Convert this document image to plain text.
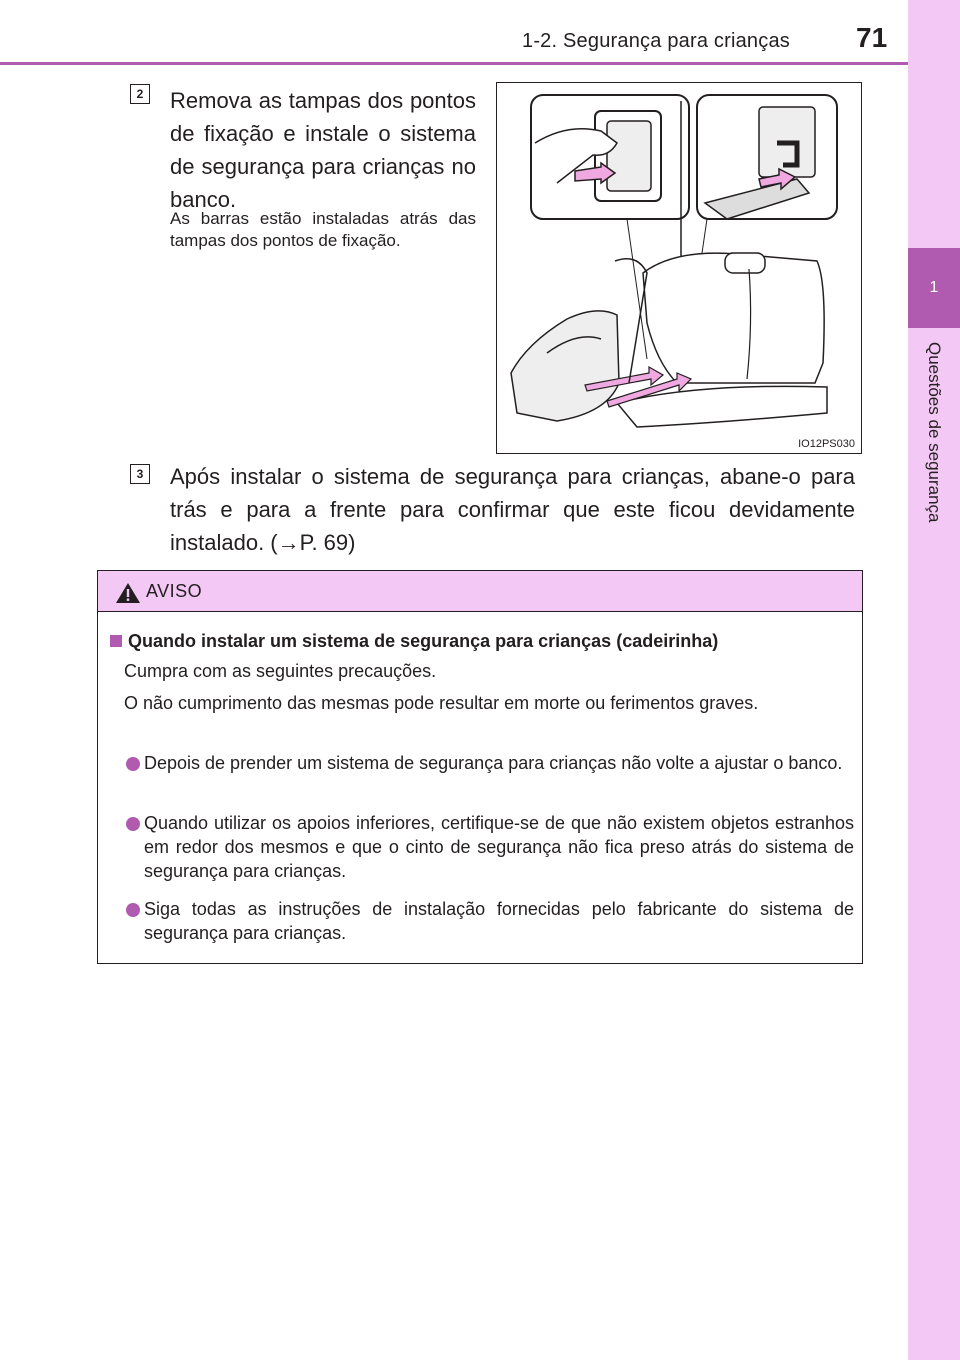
1-2. Segurança para crianças 71
1
Questões de segurança
2	Remova as tampas dos pontos de fixação e instale o sistema de segurança para crianças no banco.
As barras estão instaladas atrás das tampas dos pontos de fixação.
IO12PS030
3	Após instalar o sistema de segurança para crianças, abane-o para trás e para a frente para confirmar que este ficou devidamente instalado. (→P. 69)
AVISO
Quando instalar um sistema de segurança para crianças (cadeirinha)
Cumpra com as seguintes precauções.
O não cumprimento das mesmas pode resultar em morte ou ferimentos graves.
Depois de prender um sistema de segurança para crianças não volte a ajustar o banco.
Quando utilizar os apoios inferiores, certifique-se de que não existem objetos estranhos em redor dos mesmos e que o cinto de segurança não fica preso atrás do sistema de segurança para crianças.
Siga todas as instruções de instalação fornecidas pelo fabricante do sistema de segurança para crianças.
